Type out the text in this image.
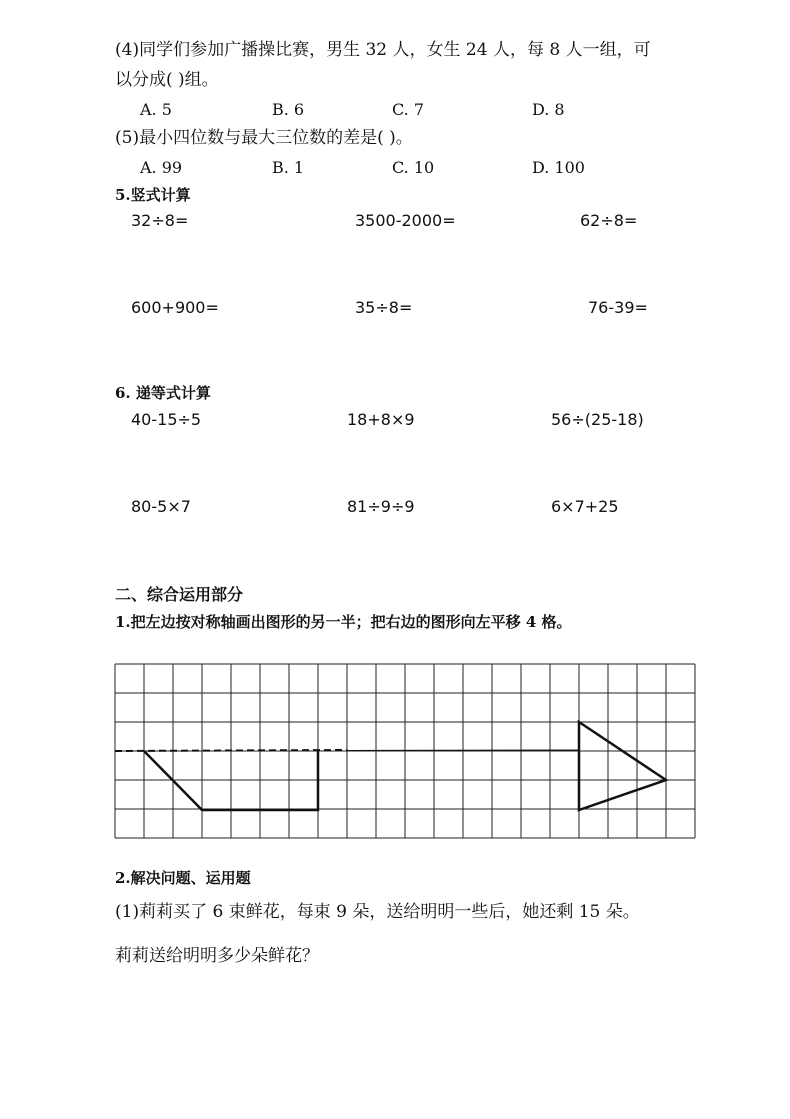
(4)同学们参加广播操比赛，男生 32 人，女生 24 人，每 8 人一组，可
以分成( )组。
A. 5	B. 6	C. 7	D. 8
(5)最小四位数与最大三位数的差是( )。
A. 99	B. 1	C. 10	D. 100
5.竖式计算
32÷8=	3500-2000=	62÷8=
600+900=	35÷8=	76-39=
6. 递等式计算
40-15÷5	18+8×9	56÷(25-18)
80-5×7	81÷9÷9	6×7+25
二、综合运用部分
1.把左边按对称轴画出图形的另一半；把右边的图形向左平移 4 格。
2.解决问题、运用题
(1)莉莉买了 6 束鲜花，每束 9 朵，送给明明一些后，她还剩 15 朵。
莉莉送给明明多少朵鲜花？
